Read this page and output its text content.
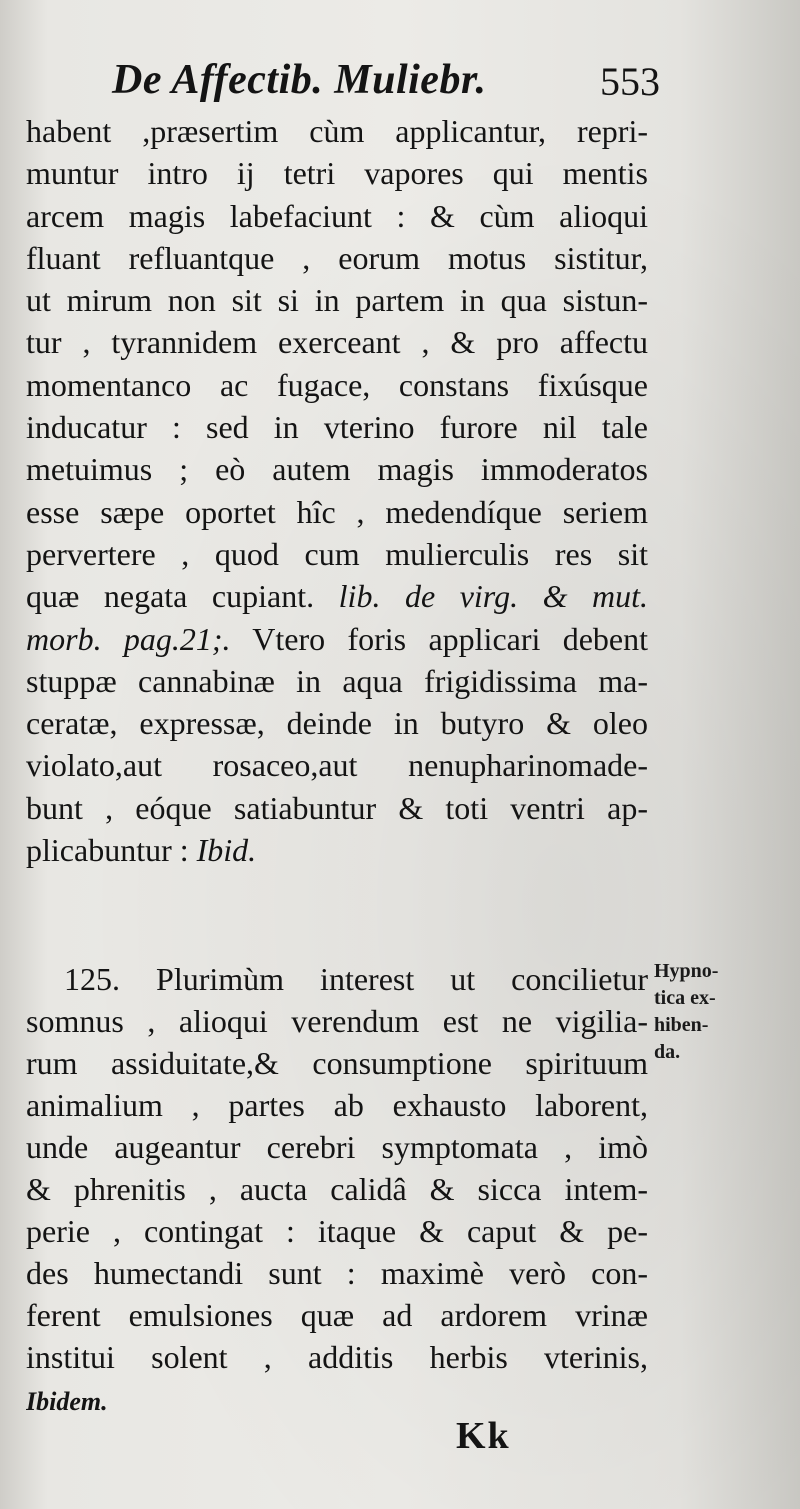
De Affectib. Muliebr.	553
habent ,præsertim cùm applicantur, repri-
muntur intro ij tetri vapores qui mentis
arcem magis labefaciunt : & cùm alioqui
fluant refluantque , eorum motus sistitur,
ut mirum non sit si in partem in qua sistun-
tur , tyrannidem exerceant , & pro affectu
momentanco ac fugace, constans fixúsque
inducatur : sed in vterino furore nil tale
metuimus ; eò autem magis immoderatos
esse sæpe oportet hîc , medendíque seriem
pervertere , quod cum mulierculis res sit
quæ negata cupiant. lib. de virg. & mut.
morb. pag.21;. Vtero foris applicari debent
stuppæ cannabinæ in aqua frigidissima ma-
ceratæ, expressæ, deinde in butyro & oleo
violato,aut rosaceo,aut nenupharinomade-
bunt , eóque satiabuntur & toti ventri ap-
plicabuntur : Ibid.
125. Plurimùm interest ut concilietur
somnus , alioqui verendum est ne vigilia-
rum assiduitate,& consumptione spirituum
animalium , partes ab exhausto laborent,
unde augeantur cerebri symptomata , imò
& phrenitis , aucta calidâ & sicca intem-
perie , contingat : itaque & caput & pe-
des humectandi sunt : maximè verò con-
ferent emulsiones quæ ad ardorem vrinæ
institui solent , additis herbis vterinis,
Ibidem.
Hypno-
tica ex-
hiben-
da.
Kk
